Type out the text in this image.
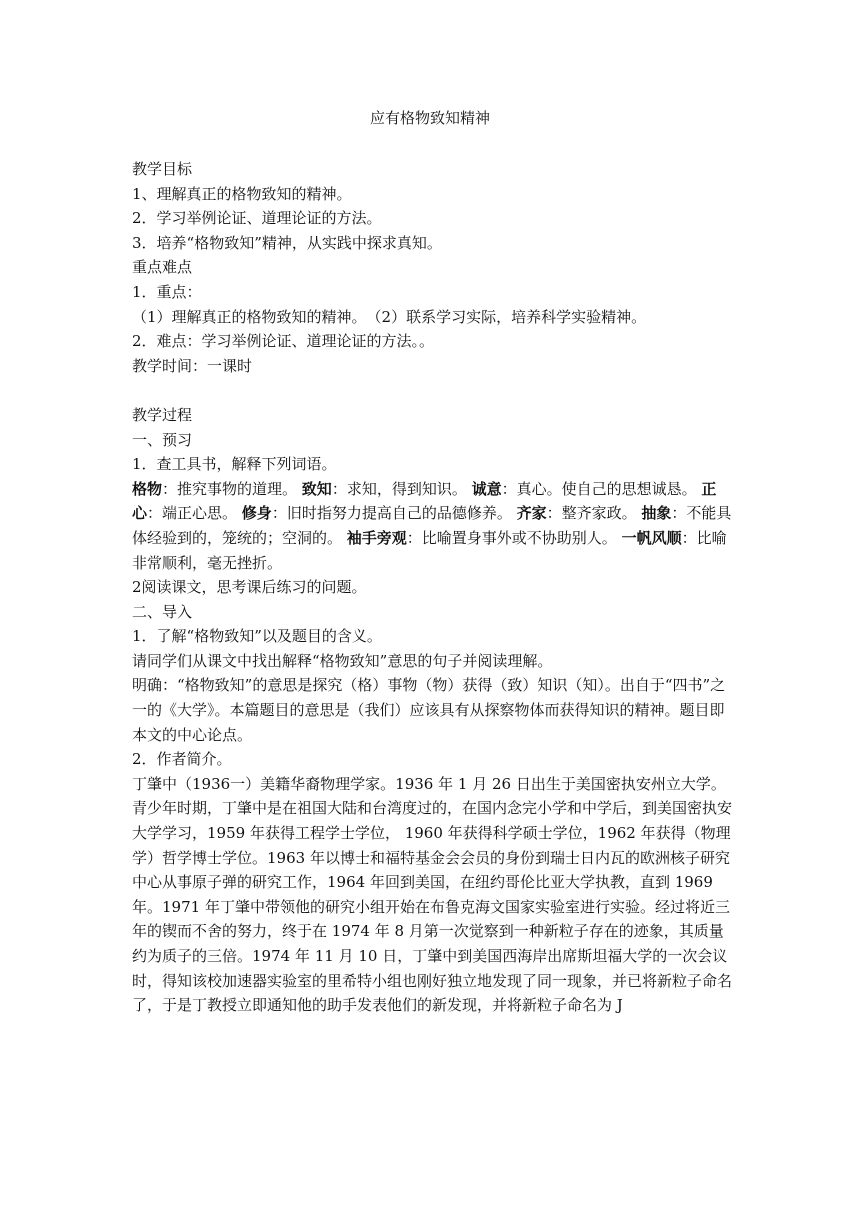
应有格物致知精神

教学目标

1、理解真正的格物致知的精神。

2．学习举例论证、道理论证的方法。

3．培养“格物致知”精神，从实践中探求真知。

重点难点

1．重点：

（1）理解真正的格物致知的精神。　（2）联系学习实际，培养科学实验精神。

2．难点：学习举例论证、道理论证的方法。。

教学时间：一课时

教学过程

一、预习

1．查工具书，解释下列词语。

格物：推究事物的道理。 致知：求知，得到知识。 诚意：真心。使自己的思想诚恳。 正心：端正心思。 修身：旧时指努力提高自己的品德修养。 齐家：整齐家政。 抽象：不能具体经验到的，笼统的；空洞的。 袖手旁观：比喻置身事外或不协助别人。 一帆风顺：比喻非常顺利，毫无挫折。

2阅读课文，思考课后练习的问题。

二、导入

1．了解“格物致知”以及题目的含义。

请同学们从课文中找出解释“格物致知”意思的句子并阅读理解。

明确：“格物致知”的意思是探究（格）事物（物）获得（致）知识（知）。出自于“四书”之一的《大学》。本篇题目的意思是（我们）应该具有从探察物体而获得知识的精神。题目即本文的中心论点。

2．作者简介。

丁肇中（1936一）美籍华裔物理学家。1936 年 1 月 26 日出生于美国密执安州立大学。青少年时期，丁肇中是在祖国大陆和台湾度过的，在国内念完小学和中学后，到美国密执安大学学习，1959 年获得工程学士学位， 1960 年获得科学硕士学位，1962 年获得（物理学）哲学博士学位。1963 年以博士和福特基金会会员的身份到瑞士日内瓦的欧洲核子研究中心从事原子弹的研究工作，1964 年回到美国，在纽约哥伦比亚大学执教，直到 1969 年。1971 年丁肇中带领他的研究小组开始在布鲁克海文国家实验室进行实验。经过将近三年的锲而不舍的努力，终于在 1974 年 8 月第一次觉察到一种新粒子存在的迹象，其质量约为质子的三倍。1974 年 11 月 10 日，丁肇中到美国西海岸出席斯坦福大学的一次会议时，得知该校加速器实验室的里希特小组也刚好独立地发现了同一现象，并已将新粒子命名了，于是丁教授立即通知他的助手发表他们的新发现，并将新粒子命名为 J
